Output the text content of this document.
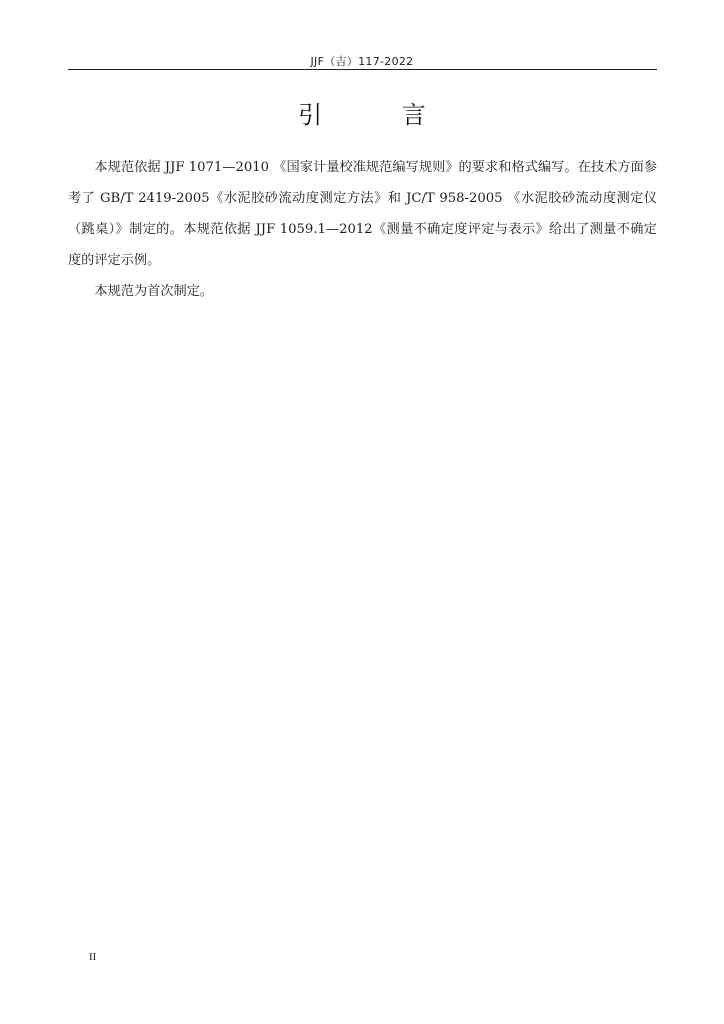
JJF（吉）117-2022
引 言

本规范依据 JJF 1071—2010 《国家计量校准规范编写规则》的要求和格式编写。在技术方面参考了 GB/T 2419-2005《水泥胶砂流动度测定方法》和 JC/T 958-2005 《水泥胶砂流动度测定仪（跳桌）》制定的。本规范依据 JJF 1059.1—2012《测量不确定度评定与表示》给出了测量不确定度的评定示例。

本规范为首次制定。

II
